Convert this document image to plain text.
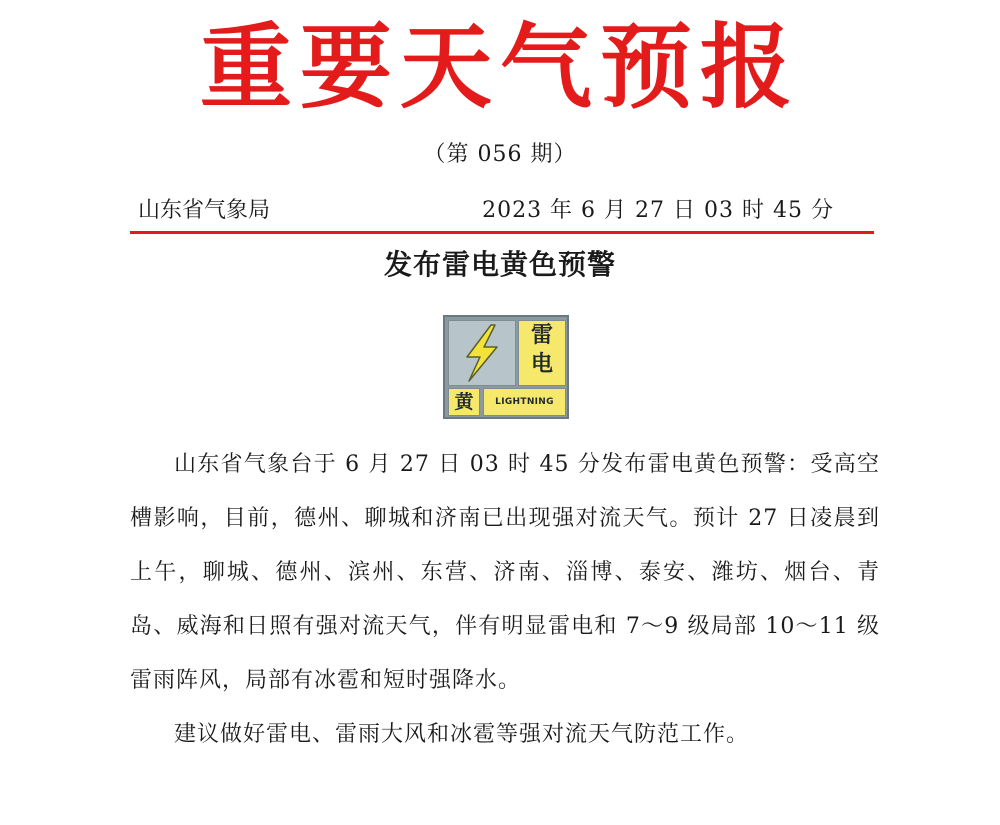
重要天气预报
（第 056 期）
山东省气象局	2023 年 6 月 27 日 03 时 45 分
发布雷电黄色预警
雷
电
黄	LIGHTNING

山东省气象台于 6 月 27 日 03 时 45 分发布雷电黄色预警：受高空槽影响，目前，德州、聊城和济南已出现强对流天气。预计 27 日凌晨到上午，聊城、德州、滨州、东营、济南、淄博、泰安、潍坊、烟台、青岛、威海和日照有强对流天气，伴有明显雷电和 7～9 级局部 10～11 级雷雨阵风，局部有冰雹和短时强降水。

建议做好雷电、雷雨大风和冰雹等强对流天气防范工作。
